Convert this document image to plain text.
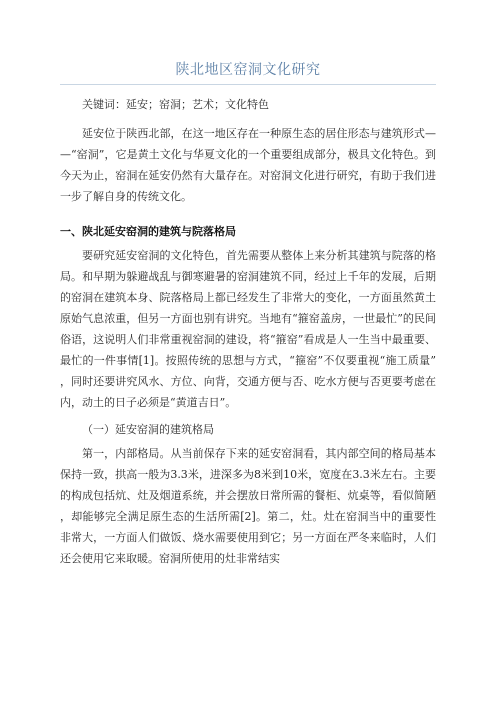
陕北地区窑洞文化研究

关键词：延安；窑洞；艺术；文化特色

延安位于陕西北部，在这一地区存在一种原生态的居住形态与建筑形式——“窑洞”，它是黄土文化与华夏文化的一个重要组成部分，极具文化特色。到今天为止，窑洞在延安仍然有大量存在。对窑洞文化进行研究，有助于我们进一步了解自身的传统文化。

一、陕北延安窑洞的建筑与院落格局

要研究延安窑洞的文化特色，首先需要从整体上来分析其建筑与院落的格局。和早期为躲避战乱与御寒避暑的窑洞建筑不同，经过上千年的发展，后期的窑洞在建筑本身、院落格局上都已经发生了非常大的变化，一方面虽然黄土原始气息浓重，但另一方面也别有讲究。当地有“箍窑盖房，一世最忙”的民间俗语，这说明人们非常重视窑洞的建设，将“箍窑”看成是人一生当中最重要、最忙的一件事情[1]。按照传统的思想与方式，“箍窑”不仅要重视“施工质量”，同时还要讲究风水、方位、向背，交通方便与否、吃水方便与否更要考虑在内，动土的日子必须是“黄道吉日”。

（一）延安窑洞的建筑格局

第一，内部格局。从当前保存下来的延安窑洞看，其内部空间的格局基本保持一致，拱高一般为3.3米，进深多为8米到10米，宽度在3.3米左右。主要的构成包括炕、灶及烟道系统，并会摆放日常所需的餐柜、炕桌等，看似简陋，却能够完全满足原生态的生活所需[2]。第二，灶。灶在窑洞当中的重要性非常大，一方面人们做饭、烧水需要使用到它；另一方面在严冬来临时，人们还会使用它来取暖。窑洞所使用的灶非常结实
